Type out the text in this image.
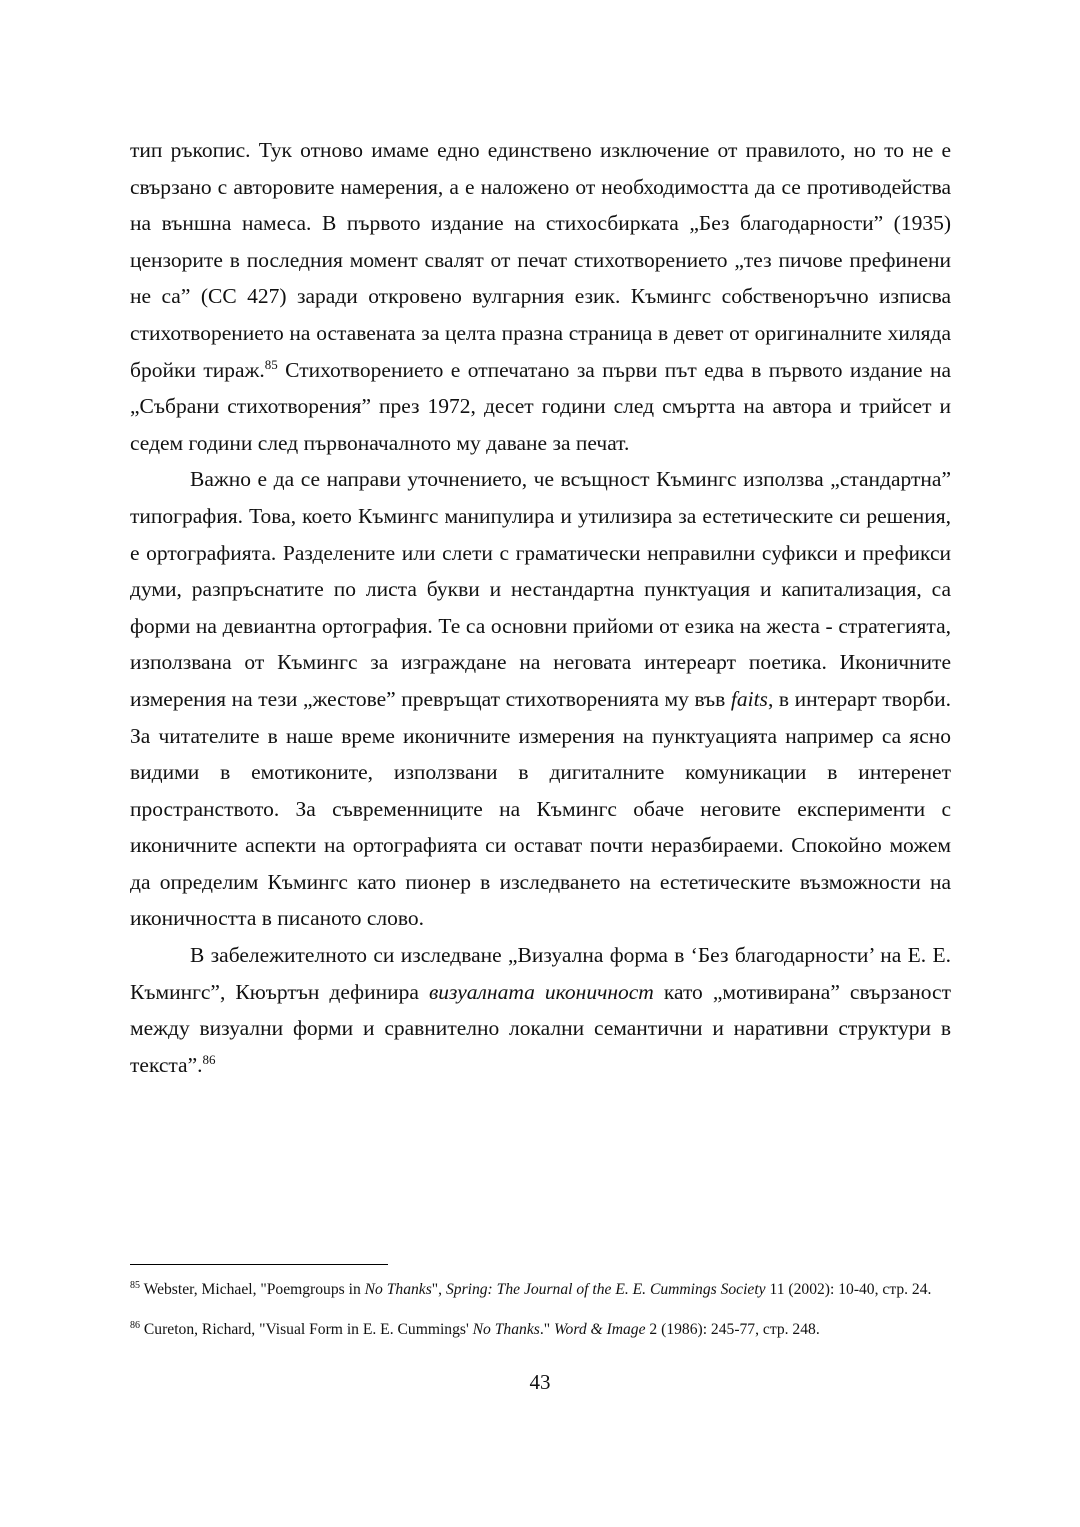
тип ръкопис. Тук отново имаме едно единствено изключение от правилото, но то не е свързано с авторовите намерения, а е наложено от необходимостта да се противодейства на външна намеса. В първото издание на стихосбирката „Без благодарности” (1935) цензорите в последния момент свалят от печат стихотворението „тез пичове префинени не са” (CC 427) заради откровено вулгарния език. Къмингс собственоръчно изписва стихотворението на оставената за целта празна страница в девет от оригиналните хиляда бройки тираж.$^{85}$ Стихотворението е отпечатано за първи път едва в първото издание на „Събрани стихотворения” през 1972, десет години след смъртта на автора и трийсет и седем години след първоначалното му даване за печат.

Важно е да се направи уточнението, че всъщност Къмингс използва „стандартна” типография. Това, което Къмингс манипулира и утилизира за естетическите си решения, е ортографията. Разделените или слети с граматически неправилни суфикси и префикси думи, разпръснатите по листа букви и нестандартна пунктуация и капитализация, са форми на девиантна ортография. Те са основни прийоми от езика на жеста - стратегията, използвана от Къмингс за изграждане на неговата интереарт поетика. Иконичните измерения на тези „жестове” превръщат стихотворенията му във faits, в интерарт творби. За читателите в наше време иконичните измерения на пунктуацията например са ясно видими в емотиконите, използвани в дигиталните комуникации в интеренет пространството. За съвременниците на Къмингс обаче неговите експерименти с иконичните аспекти на ортографията си остават почти неразбираеми. Спокойно можем да определим Къмингс като пионер в изследването на естетическите възможности на иконичността в писаното слово.

В забележителното си изследване „Визуална форма в ‘Без благодарности’ на Е. Е. Къмингс”, Кюъртън дефинира визуалната иконичност като „мотивирана” свързаност между визуални форми и сравнително локални семантични и наративни структури в текста”.$^{86}$

$^{85}$ Webster, Michael, "Poemgroups in No Thanks", Spring: The Journal of the E. E. Cummings Society 11 (2002): 10-40, стр. 24.

$^{86}$ Cureton, Richard, "Visual Form in E. E. Cummings' No Thanks." Word & Image 2 (1986): 245-77, стр. 248.

43
